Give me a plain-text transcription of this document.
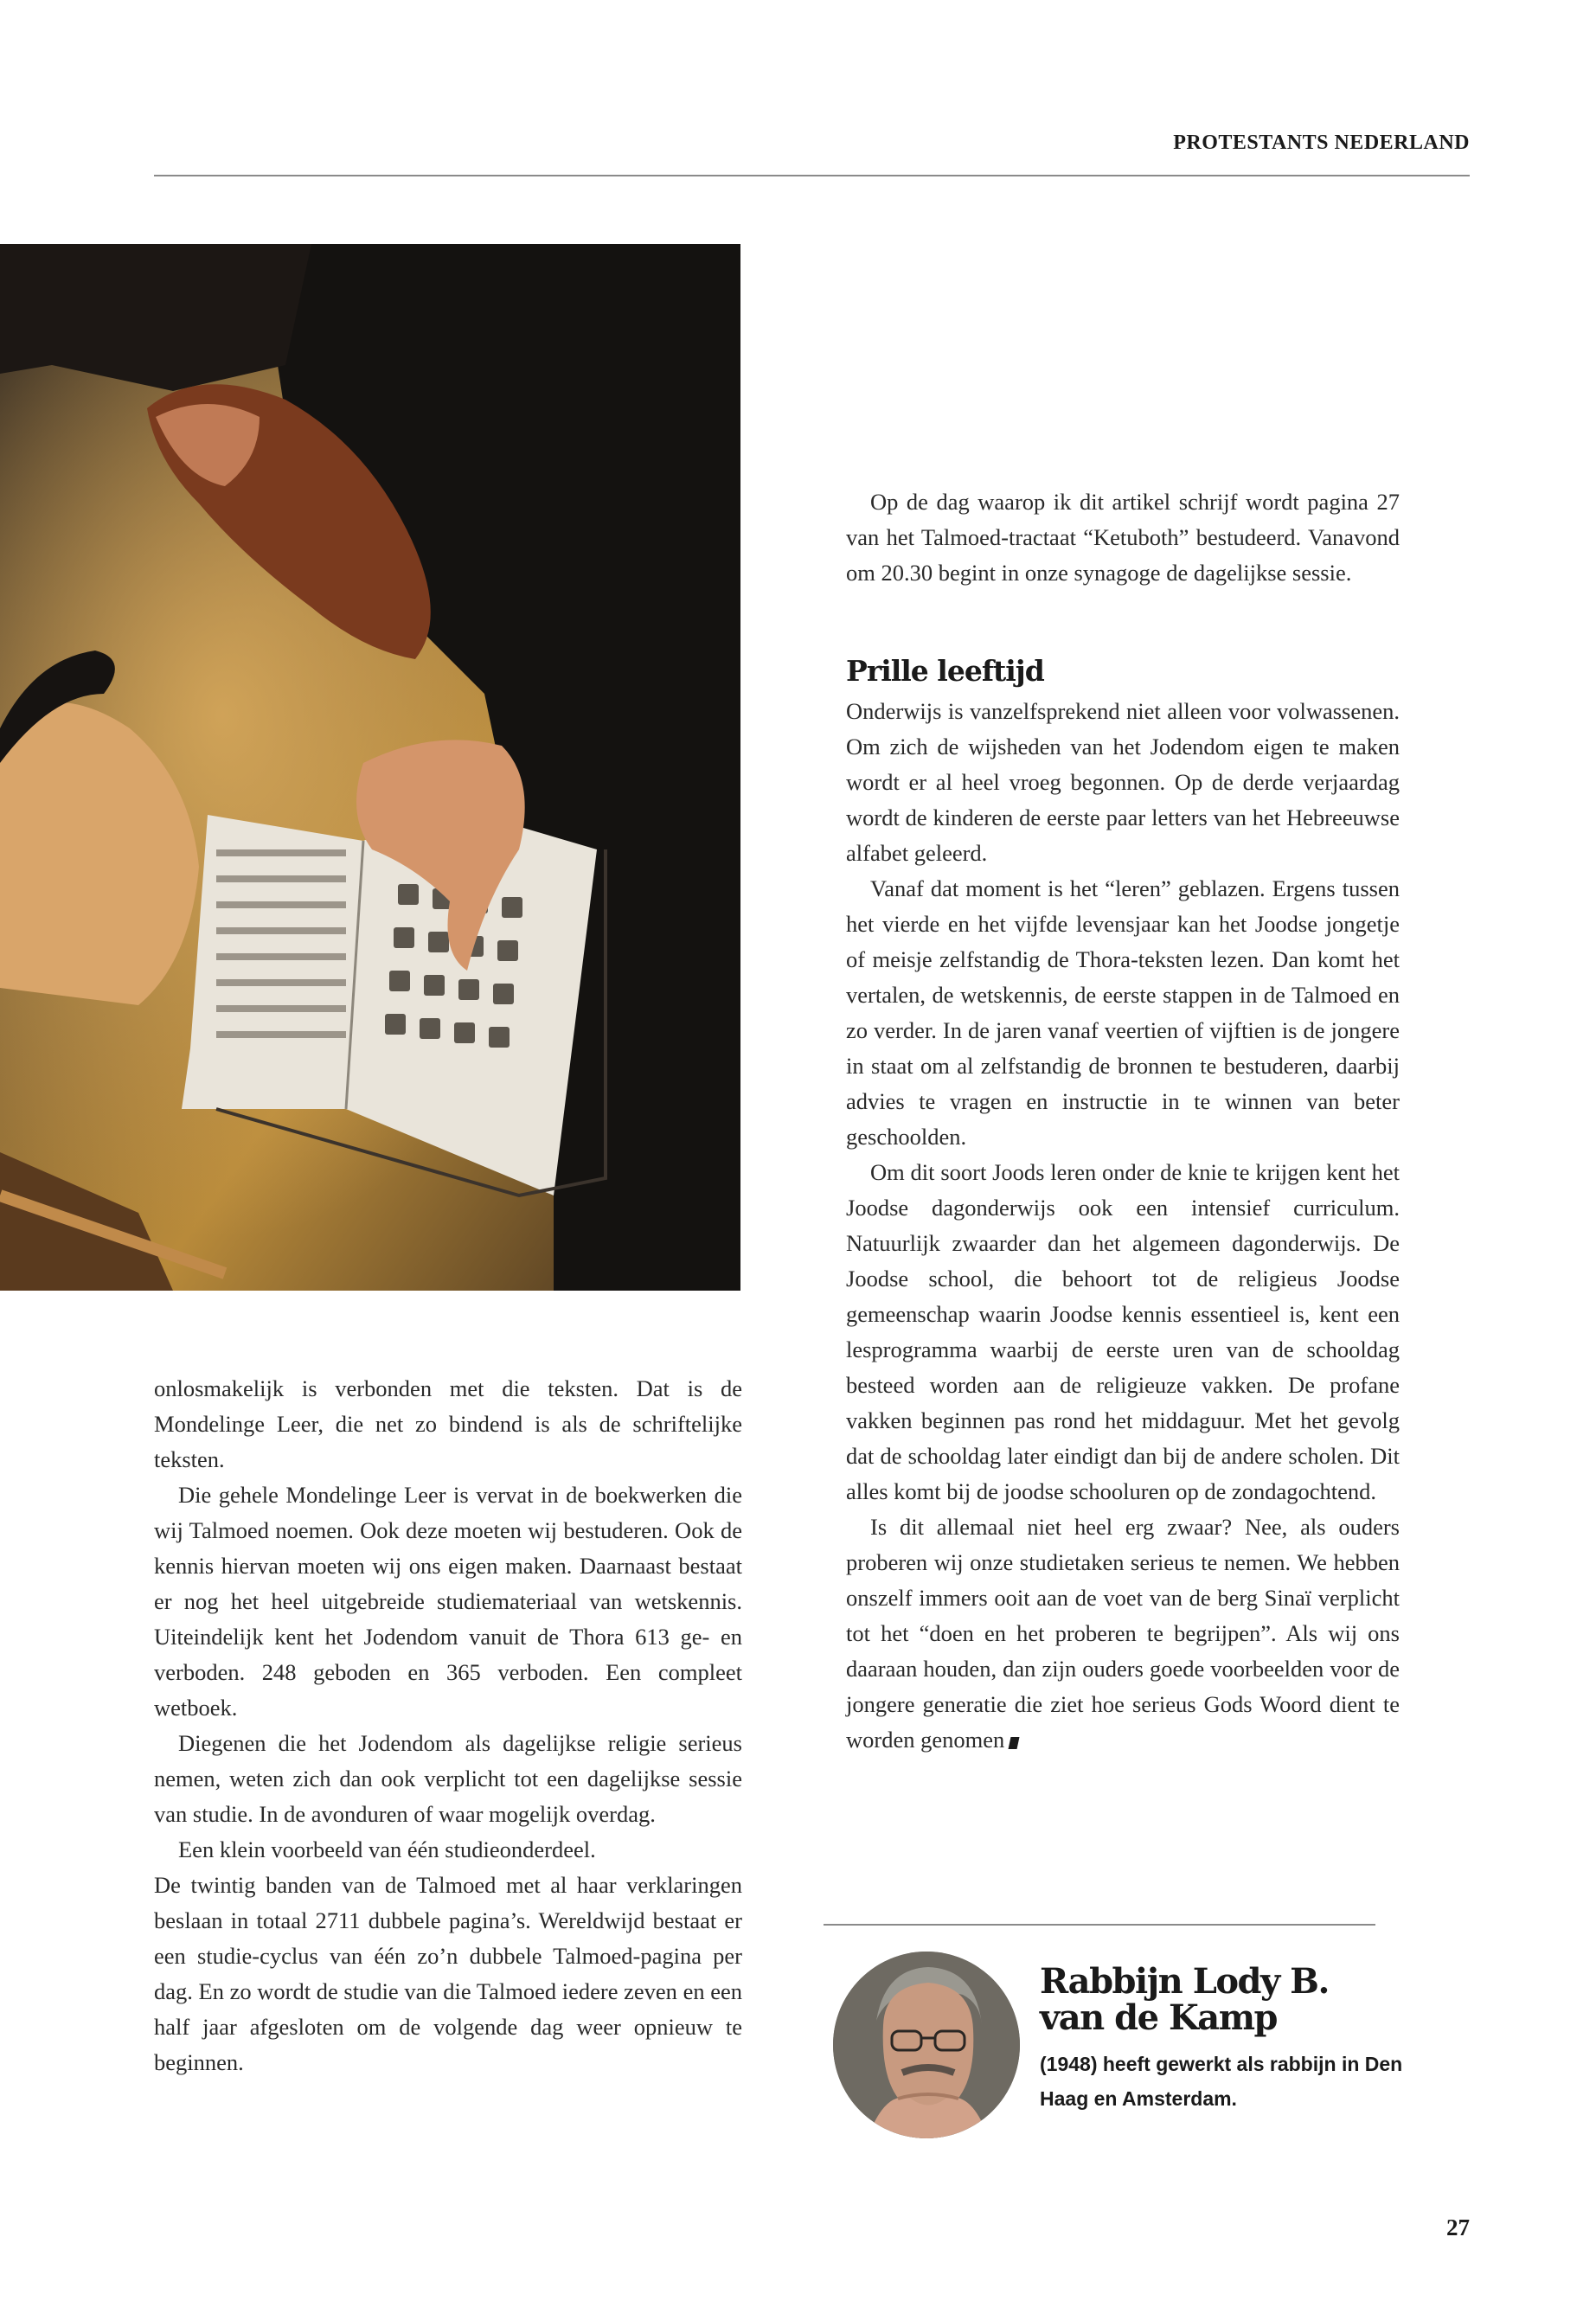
PROTESTANTS NEDERLAND

Op de dag waarop ik dit artikel schrijf wordt pagina 27 van het Talmoed-tractaat “Ketuboth” bestudeerd. Vanavond om 20.30 begint in onze synagoge de dagelijkse sessie.

Prille leeftijd

Onderwijs is vanzelfsprekend niet alleen voor volwassenen. Om zich de wijsheden van het Jodendom eigen te maken wordt er al heel vroeg begonnen. Op de derde verjaardag wordt de kinderen de eerste paar letters van het Hebreeuwse alfabet geleerd.

Vanaf dat moment is het “leren” geblazen. Ergens tussen het vierde en het vijfde levensjaar kan het Joodse jongetje of meisje zelfstandig de Thora-teksten lezen. Dan komt het vertalen, de wetskennis, de eerste stappen in de Talmoed en zo verder. In de jaren vanaf veertien of vijftien is de jongere in staat om al zelfstandig de bronnen te bestuderen, daarbij advies te vragen en instructie in te winnen van beter geschoolden.

Om dit soort Joods leren onder de knie te krijgen kent het Joodse dagonderwijs ook een intensief curriculum. Natuurlijk zwaarder dan het algemeen dagonderwijs. De Joodse school, die behoort tot de religieus Joodse gemeenschap waarin Joodse kennis essentieel is, kent een lesprogramma waarbij de eerste uren van de schooldag besteed worden aan de religieuze vakken. De profane vakken beginnen pas rond het middaguur. Met het gevolg dat de schooldag later eindigt dan bij de andere scholen. Dit alles komt bij de joodse schooluren op de zondagochtend.

Is dit allemaal niet heel erg zwaar? Nee, als ouders proberen wij onze studietaken serieus te nemen. We hebben onszelf immers ooit aan de voet van de berg Sinaï verplicht tot het “doen en het proberen te begrijpen”. Als wij ons daaraan houden, dan zijn ouders goede voorbeelden voor de jongere generatie die ziet hoe serieus Gods Woord dient te worden genomen

onlosmakelijk is verbonden met die teksten. Dat is de Mondelinge Leer, die net zo bindend is als de schriftelijke teksten.

Die gehele Mondelinge Leer is vervat in de boekwerken die wij Talmoed noemen. Ook deze moeten wij bestuderen. Ook de kennis hiervan moeten wij ons eigen maken. Daarnaast bestaat er nog het heel uitgebreide studiemateriaal van wetskennis. Uiteindelijk kent het Jodendom vanuit de Thora 613 ge- en verboden. 248 geboden en 365 verboden. Een compleet wetboek.

Diegenen die het Jodendom als dagelijkse religie serieus nemen, weten zich dan ook verplicht tot een dagelijkse sessie van studie. In de avonduren of waar mogelijk overdag.

Een klein voorbeeld van één studieonderdeel.

De twintig banden van de Talmoed met al haar verklaringen beslaan in totaal 2711 dubbele pagina’s. Wereldwijd bestaat er een studie-cyclus van één zo’n dubbele Talmoed-pagina per dag. En zo wordt de studie van die Talmoed iedere zeven en een half jaar afgesloten om de volgende dag weer opnieuw te beginnen.

Rabbijn Lody B. van de Kamp
(1948) heeft gewerkt als rabbijn in Den Haag en Amsterdam.
27
